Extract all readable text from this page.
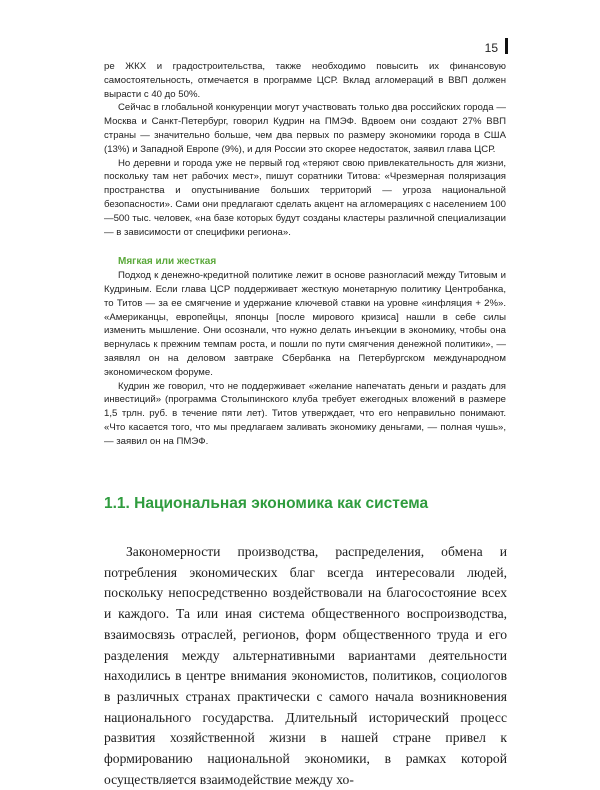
15

ре ЖКХ и градостроительства, также необходимо повысить их финансовую самостоятельность, отмечается в программе ЦСР. Вклад агломераций в ВВП должен вырасти с 40 до 50%.

Сейчас в глобальной конкуренции могут участвовать только два российских города — Москва и Санкт-Петербург, говорил Кудрин на ПМЭФ. Вдвоем они создают 27% ВВП страны — значительно больше, чем два первых по размеру экономики города в США (13%) и Западной Европе (9%), и для России это скорее недостаток, заявил глава ЦСР.

Но деревни и города уже не первый год «теряют свою привлекательность для жизни, поскольку там нет рабочих мест», пишут соратники Титова: «Чрезмерная поляризация пространства и опустынивание больших территорий — угроза национальной безопасности». Сами они предлагают сделать акцент на агломерациях с населением 100—500 тыс. человек, «на базе которых будут созданы кластеры различной специализации — в зависимости от специфики региона».

Мягкая или жесткая

Подход к денежно-кредитной политике лежит в основе разногласий между Титовым и Кудриным. Если глава ЦСР поддерживает жесткую монетарную политику Центробанка, то Титов — за ее смягчение и удержание ключевой ставки на уровне «инфляция + 2%». «Американцы, европейцы, японцы [после мирового кризиса] нашли в себе силы изменить мышление. Они осознали, что нужно делать инъекции в экономику, чтобы она вернулась к прежним темпам роста, и пошли по пути смягчения денежной политики», — заявлял он на деловом завтраке Сбербанка на Петербургском международном экономическом форуме.

Кудрин же говорил, что не поддерживает «желание напечатать деньги и раздать для инвестиций» (программа Столыпинского клуба требует ежегодных вложений в размере 1,5 трлн. руб. в течение пяти лет). Титов утверждает, что его неправильно понимают. «Что касается того, что мы предлагаем заливать экономику деньгами, — полная чушь», — заявил он на ПМЭФ.

1.1. Национальная экономика как система

Закономерности производства, распределения, обмена и потребления экономических благ всегда интересовали людей, поскольку непосредственно воздействовали на благосостояние всех и каждого. Та или иная система общественного воспроизводства, взаимосвязь отраслей, регионов, форм общественного труда и его разделения между альтернативными вариантами деятельности находились в центре внимания экономистов, политиков, социологов в различных странах практически с самого начала возникновения национального государства. Длительный исторический процесс развития хозяйственной жизни в нашей стране привел к формированию национальной экономики, в рамках которой осуществляется взаимодействие между хо-
